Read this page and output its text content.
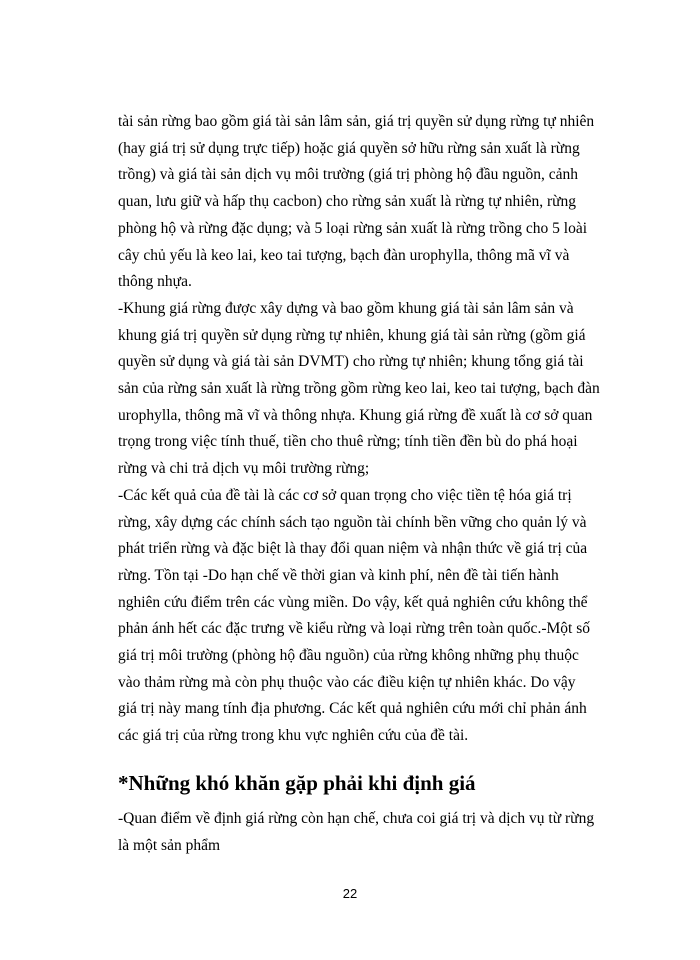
tài sản rừng bao gồm giá tài sản lâm sản, giá trị quyền sử dụng rừng tự nhiên
(hay giá trị sử dụng trực tiếp) hoặc giá quyền sở hữu rừng sản xuất là rừng
trồng) và giá tài sản dịch vụ môi trường (giá trị phòng hộ đầu nguồn, cảnh
quan, lưu giữ và hấp thụ cacbon) cho rừng sản xuất là rừng tự nhiên, rừng
phòng hộ và rừng đặc dụng; và 5 loại rừng sản xuất là rừng trồng cho 5 loài
cây chủ yếu là keo lai, keo tai tượng, bạch đàn urophylla, thông mã vĩ và
thông nhựa.
-Khung giá rừng được xây dựng và bao gồm khung giá tài sản lâm sản và
khung giá trị quyền sử dụng rừng tự nhiên, khung giá tài sản rừng (gồm giá
quyền sử dụng và giá tài sản DVMT) cho rừng tự nhiên; khung tổng giá tài
sản của rừng sản xuất là rừng trồng gồm rừng keo lai, keo tai tượng, bạch đàn
urophylla, thông mã vĩ và thông nhựa. Khung giá rừng đề xuất là cơ sở quan
trọng trong việc tính thuế, tiền cho thuê rừng; tính tiền đền bù do phá hoại
rừng và chi trả dịch vụ môi trường rừng;
-Các kết quả của đề tài là các cơ sở quan trọng cho việc tiền tệ hóa giá trị
rừng, xây dựng các chính sách tạo nguồn tài chính bền vững cho quản lý và
phát triển rừng và đặc biệt là thay đổi quan niệm và nhận thức về giá trị của
rừng. Tồn tại -Do hạn chế về thời gian và kinh phí, nên đề tài tiến hành
nghiên cứu điểm trên các vùng miền. Do vậy, kết quả nghiên cứu không thể
phản ánh hết các đặc trưng về kiểu rừng và loại rừng trên toàn quốc.-Một số
giá trị môi trường (phòng hộ đầu nguồn) của rừng không những phụ thuộc
vào thảm rừng mà còn phụ thuộc vào các điều kiện tự nhiên khác. Do vậy
giá trị này mang tính địa phương. Các kết quả nghiên cứu mới chỉ phản ánh
các giá trị của rừng trong khu vực nghiên cứu của đề tài.
*Những khó khăn gặp phải khi định giá
-Quan điểm về định giá rừng còn hạn chế, chưa coi giá trị và dịch vụ từ rừng
là một sản phẩm
22
